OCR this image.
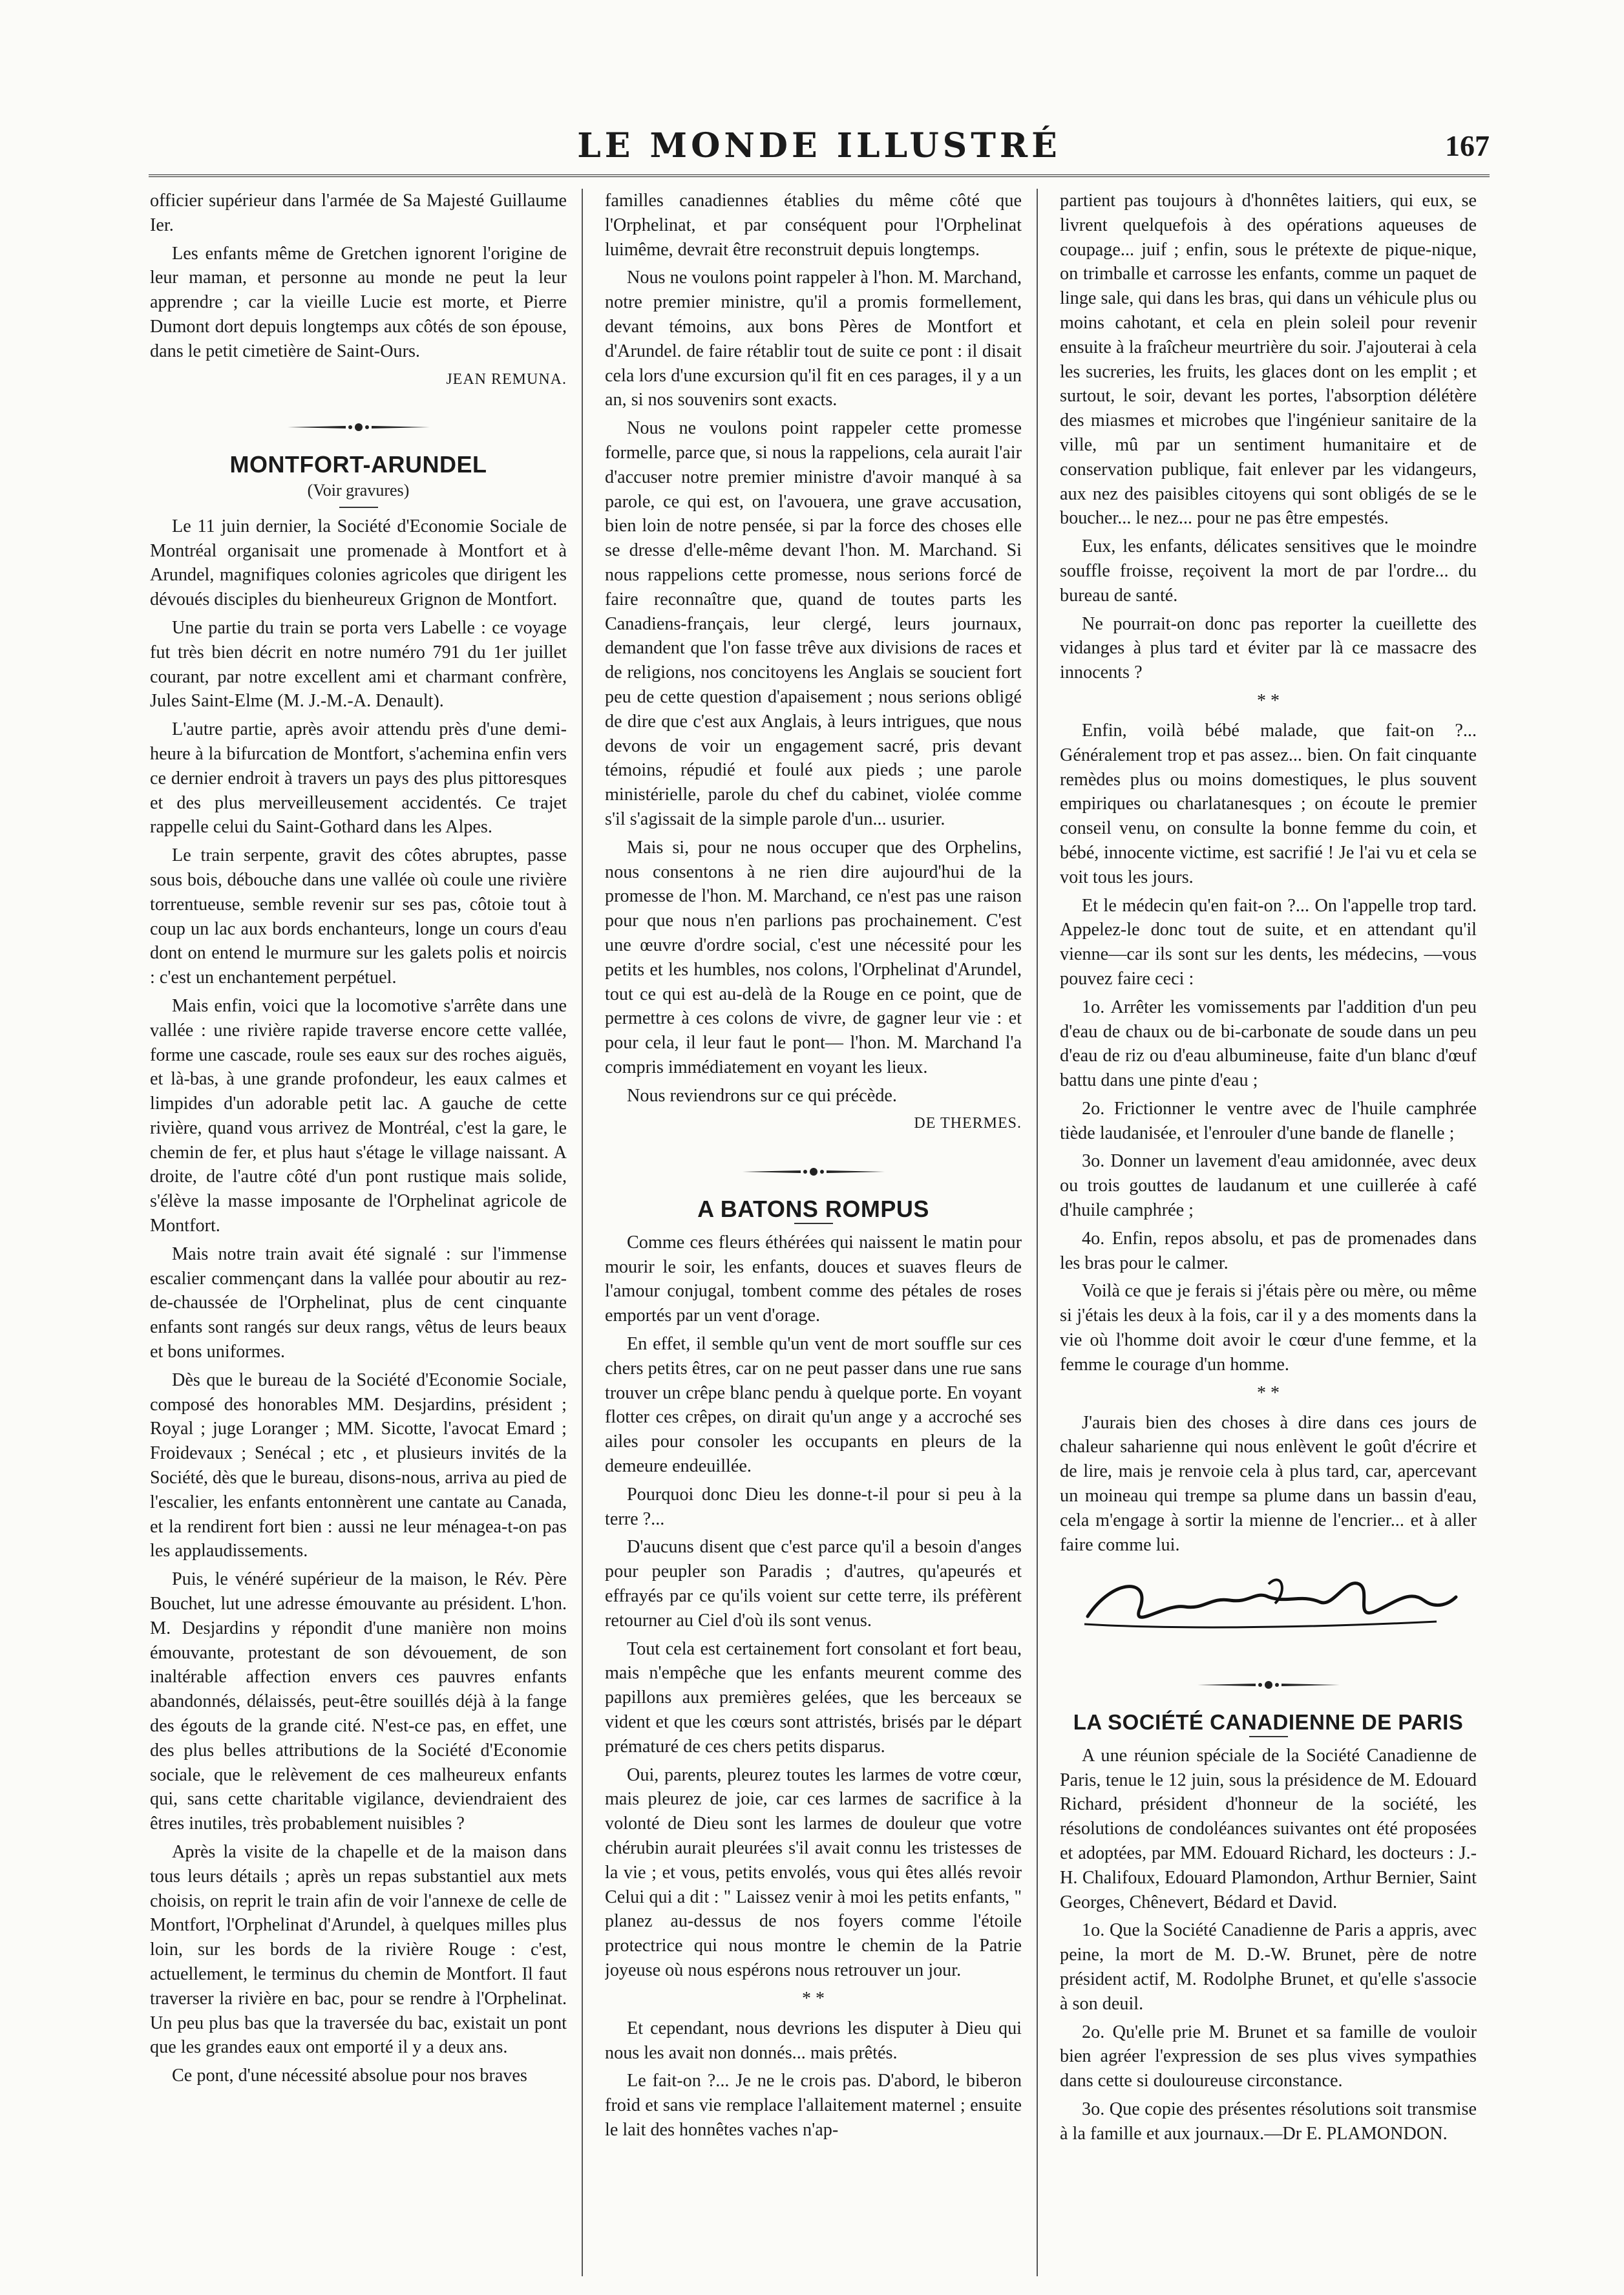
LE MONDE ILLUSTRÉ	167

officier supérieur dans l'armée de Sa Majesté Guillaume Ier.

Les enfants même de Gretchen ignorent l'origine de leur maman, et personne au monde ne peut la leur apprendre ; car la vieille Lucie est morte, et Pierre Dumont dort depuis longtemps aux côtés de son épouse, dans le petit cimetière de Saint-Ours.

JEAN REMUNA.
MONTFORT-ARUNDEL
(Voir gravures)

Le 11 juin dernier, la Société d'Economie Sociale de Montréal organisait une promenade à Montfort et à Arundel, magnifiques colonies agricoles que dirigent les dévoués disciples du bienheureux Grignon de Montfort.

Une partie du train se porta vers Labelle : ce voyage fut très bien décrit en notre numéro 791 du 1er juillet courant, par notre excellent ami et charmant confrère, Jules Saint-Elme (M. J.-M.-A. Denault).

L'autre partie, après avoir attendu près d'une demi-heure à la bifurcation de Montfort, s'achemina enfin vers ce dernier endroit à travers un pays des plus pittoresques et des plus merveilleusement accidentés. Ce trajet rappelle celui du Saint-Gothard dans les Alpes.

Le train serpente, gravit des côtes abruptes, passe sous bois, débouche dans une vallée où coule une rivière torrentueuse, semble revenir sur ses pas, côtoie tout à coup un lac aux bords enchanteurs, longe un cours d'eau dont on entend le murmure sur les galets polis et noircis : c'est un enchantement perpétuel.

Mais enfin, voici que la locomotive s'arrête dans une vallée : une rivière rapide traverse encore cette vallée, forme une cascade, roule ses eaux sur des roches aiguës, et là-bas, à une grande profondeur, les eaux calmes et limpides d'un adorable petit lac. A gauche de cette rivière, quand vous arrivez de Montréal, c'est la gare, le chemin de fer, et plus haut s'étage le village naissant. A droite, de l'autre côté d'un pont rustique mais solide, s'élève la masse imposante de l'Orphelinat agricole de Montfort.

Mais notre train avait été signalé : sur l'immense escalier commençant dans la vallée pour aboutir au rez-de-chaussée de l'Orphelinat, plus de cent cinquante enfants sont rangés sur deux rangs, vêtus de leurs beaux et bons uniformes.

Dès que le bureau de la Société d'Economie Sociale, composé des honorables MM. Desjardins, président ; Royal ; juge Loranger ; MM. Sicotte, l'avocat Emard ; Froidevaux ; Senécal ; etc , et plusieurs invités de la Société, dès que le bureau, disons-nous, arriva au pied de l'escalier, les enfants entonnèrent une cantate au Canada, et la rendirent fort bien : aussi ne leur ménagea-t-on pas les applaudissements.

Puis, le vénéré supérieur de la maison, le Rév. Père Bouchet, lut une adresse émouvante au président. L'hon. M. Desjardins y répondit d'une manière non moins émouvante, protestant de son dévouement, de son inaltérable affection envers ces pauvres enfants abandonnés, délaissés, peut-être souillés déjà à la fange des égouts de la grande cité. N'est-ce pas, en effet, une des plus belles attributions de la Société d'Economie sociale, que le relèvement de ces malheureux enfants qui, sans cette charitable vigilance, deviendraient des êtres inutiles, très probablement nuisibles ?

Après la visite de la chapelle et de la maison dans tous leurs détails ; après un repas substantiel aux mets choisis, on reprit le train afin de voir l'annexe de celle de Montfort, l'Orphelinat d'Arundel, à quelques milles plus loin, sur les bords de la rivière Rouge : c'est, actuellement, le terminus du chemin de Montfort. Il faut traverser la rivière en bac, pour se rendre à l'Orphelinat. Un peu plus bas que la traversée du bac, existait un pont que les grandes eaux ont emporté il y a deux ans.

Ce pont, d'une nécessité absolue pour nos braves

familles canadiennes établies du même côté que l'Orphelinat, et par conséquent pour l'Orphelinat luimême, devrait être reconstruit depuis longtemps.

Nous ne voulons point rappeler à l'hon. M. Marchand, notre premier ministre, qu'il a promis formellement, devant témoins, aux bons Pères de Montfort et d'Arundel. de faire rétablir tout de suite ce pont : il disait cela lors d'une excursion qu'il fit en ces parages, il y a un an, si nos souvenirs sont exacts.

Nous ne voulons point rappeler cette promesse formelle, parce que, si nous la rappelions, cela aurait l'air d'accuser notre premier ministre d'avoir manqué à sa parole, ce qui est, on l'avouera, une grave accusation, bien loin de notre pensée, si par la force des choses elle se dresse d'elle-même devant l'hon. M. Marchand. Si nous rappelions cette promesse, nous serions forcé de faire reconnaître que, quand de toutes parts les Canadiens-français, leur clergé, leurs journaux, demandent que l'on fasse trêve aux divisions de races et de religions, nos concitoyens les Anglais se soucient fort peu de cette question d'apaisement ; nous serions obligé de dire que c'est aux Anglais, à leurs intrigues, que nous devons de voir un engagement sacré, pris devant témoins, répudié et foulé aux pieds ; une parole ministérielle, parole du chef du cabinet, violée comme s'il s'agissait de la simple parole d'un... usurier.

Mais si, pour ne nous occuper que des Orphelins, nous consentons à ne rien dire aujourd'hui de la promesse de l'hon. M. Marchand, ce n'est pas une raison pour que nous n'en parlions pas prochainement. C'est une œuvre d'ordre social, c'est une nécessité pour les petits et les humbles, nos colons, l'Orphelinat d'Arundel, tout ce qui est au-delà de la Rouge en ce point, que de permettre à ces colons de vivre, de gagner leur vie : et pour cela, il leur faut le pont— l'hon. M. Marchand l'a compris immédiatement en voyant les lieux.

Nous reviendrons sur ce qui précède.

DE THERMES.
A BATONS ROMPUS

Comme ces fleurs éthérées qui naissent le matin pour mourir le soir, les enfants, douces et suaves fleurs de l'amour conjugal, tombent comme des pétales de roses emportés par un vent d'orage.

En effet, il semble qu'un vent de mort souffle sur ces chers petits êtres, car on ne peut passer dans une rue sans trouver un crêpe blanc pendu à quelque porte. En voyant flotter ces crêpes, on dirait qu'un ange y a accroché ses ailes pour consoler les occupants en pleurs de la demeure endeuillée.

Pourquoi donc Dieu les donne-t-il pour si peu à la terre ?...

D'aucuns disent que c'est parce qu'il a besoin d'anges pour peupler son Paradis ; d'autres, qu'apeurés et effrayés par ce qu'ils voient sur cette terre, ils préfèrent retourner au Ciel d'où ils sont venus.

Tout cela est certainement fort consolant et fort beau, mais n'empêche que les enfants meurent comme des papillons aux premières gelées, que les berceaux se vident et que les cœurs sont attristés, brisés par le départ prématuré de ces chers petits disparus.

Oui, parents, pleurez toutes les larmes de votre cœur, mais pleurez de joie, car ces larmes de sacrifice à la volonté de Dieu sont les larmes de douleur que votre chérubin aurait pleurées s'il avait connu les tristesses de la vie ; et vous, petits envolés, vous qui êtes allés revoir Celui qui a dit : " Laissez venir à moi les petits enfants, " planez au-dessus de nos foyers comme l'étoile protectrice qui nous montre le chemin de la Patrie joyeuse où nous espérons nous retrouver un jour.

* *

Et cependant, nous devrions les disputer à Dieu qui nous les avait non donnés... mais prêtés.

Le fait-on ?... Je ne le crois pas. D'abord, le biberon froid et sans vie remplace l'allaitement maternel ; ensuite le lait des honnêtes vaches n'ap-

partient pas toujours à d'honnêtes laitiers, qui eux, se livrent quelquefois à des opérations aqueuses de coupage... juif ; enfin, sous le prétexte de pique-nique, on trimballe et carrosse les enfants, comme un paquet de linge sale, qui dans les bras, qui dans un véhicule plus ou moins cahotant, et cela en plein soleil pour revenir ensuite à la fraîcheur meurtrière du soir. J'ajouterai à cela les sucreries, les fruits, les glaces dont on les emplit ; et surtout, le soir, devant les portes, l'absorption délétère des miasmes et microbes que l'ingénieur sanitaire de la ville, mû par un sentiment humanitaire et de conservation publique, fait enlever par les vidangeurs, aux nez des paisibles citoyens qui sont obligés de se le boucher... le nez... pour ne pas être empestés.

Eux, les enfants, délicates sensitives que le moindre souffle froisse, reçoivent la mort de par l'ordre... du bureau de santé.

Ne pourrait-on donc pas reporter la cueillette des vidanges à plus tard et éviter par là ce massacre des innocents ?

* *

Enfin, voilà bébé malade, que fait-on ?... Généralement trop et pas assez... bien. On fait cinquante remèdes plus ou moins domestiques, le plus souvent empiriques ou charlatanesques ; on écoute le premier conseil venu, on consulte la bonne femme du coin, et bébé, innocente victime, est sacrifié ! Je l'ai vu et cela se voit tous les jours.

Et le médecin qu'en fait-on ?... On l'appelle trop tard. Appelez-le donc tout de suite, et en attendant qu'il vienne—car ils sont sur les dents, les médecins, —vous pouvez faire ceci :

1o. Arrêter les vomissements par l'addition d'un peu d'eau de chaux ou de bi-carbonate de soude dans un peu d'eau de riz ou d'eau albumineuse, faite d'un blanc d'œuf battu dans une pinte d'eau ;

2o. Frictionner le ventre avec de l'huile camphrée tiède laudanisée, et l'enrouler d'une bande de flanelle ;

3o. Donner un lavement d'eau amidonnée, avec deux ou trois gouttes de laudanum et une cuillerée à café d'huile camphrée ;

4o. Enfin, repos absolu, et pas de promenades dans les bras pour le calmer.

Voilà ce que je ferais si j'étais père ou mère, ou même si j'étais les deux à la fois, car il y a des moments dans la vie où l'homme doit avoir le cœur d'une femme, et la femme le courage d'un homme.

* *

J'aurais bien des choses à dire dans ces jours de chaleur saharienne qui nous enlèvent le goût d'écrire et de lire, mais je renvoie cela à plus tard, car, apercevant un moineau qui trempe sa plume dans un bassin d'eau, cela m'engage à sortir la mienne de l'encrier... et à aller faire comme lui.

LA SOCIÉTÉ CANADIENNE DE PARIS

A une réunion spéciale de la Société Canadienne de Paris, tenue le 12 juin, sous la présidence de M. Edouard Richard, président d'honneur de la société, les résolutions de condoléances suivantes ont été proposées et adoptées, par MM. Edouard Richard, les docteurs : J.-H. Chalifoux, Edouard Plamondon, Arthur Bernier, Saint Georges, Chênevert, Bédard et David.

1o. Que la Société Canadienne de Paris a appris, avec peine, la mort de M. D.-W. Brunet, père de notre président actif, M. Rodolphe Brunet, et qu'elle s'associe à son deuil.

2o. Qu'elle prie M. Brunet et sa famille de vouloir bien agréer l'expression de ses plus vives sympathies dans cette si douloureuse circonstance.

3o. Que copie des présentes résolutions soit transmise à la famille et aux journaux.—Dr E. PLAMONDON.
